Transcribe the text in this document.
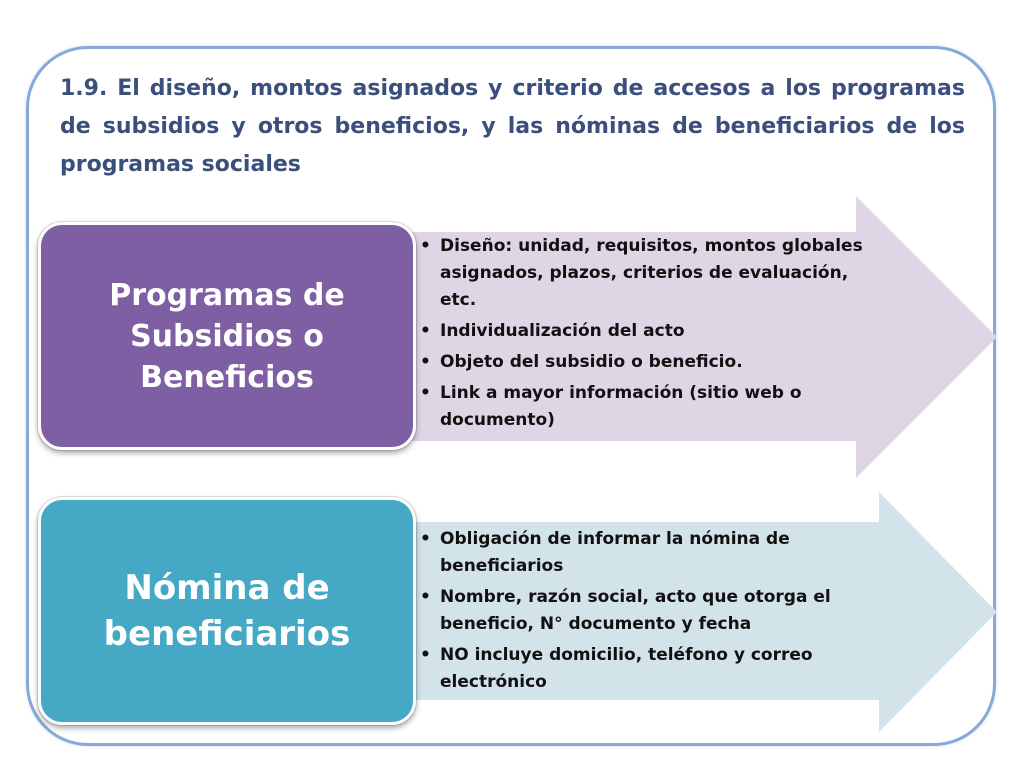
1.9. El diseño, montos asignados y criterio de accesos a los programas de subsidios y otros beneficios, y las nóminas de beneficiarios de los programas sociales

Programas de Subsidios o Beneficios
Nómina de beneficiarios
• Diseño: unidad, requisitos, montos globales asignados, plazos, criterios de evaluación, etc.
• Individualización del acto
• Objeto del subsidio o beneficio.
• Link a mayor información (sitio web o documento)
• Obligación de informar la nómina de beneficiarios
• Nombre, razón social, acto que otorga el beneficio, N° documento y fecha
• NO incluye domicilio, teléfono y correo electrónico
